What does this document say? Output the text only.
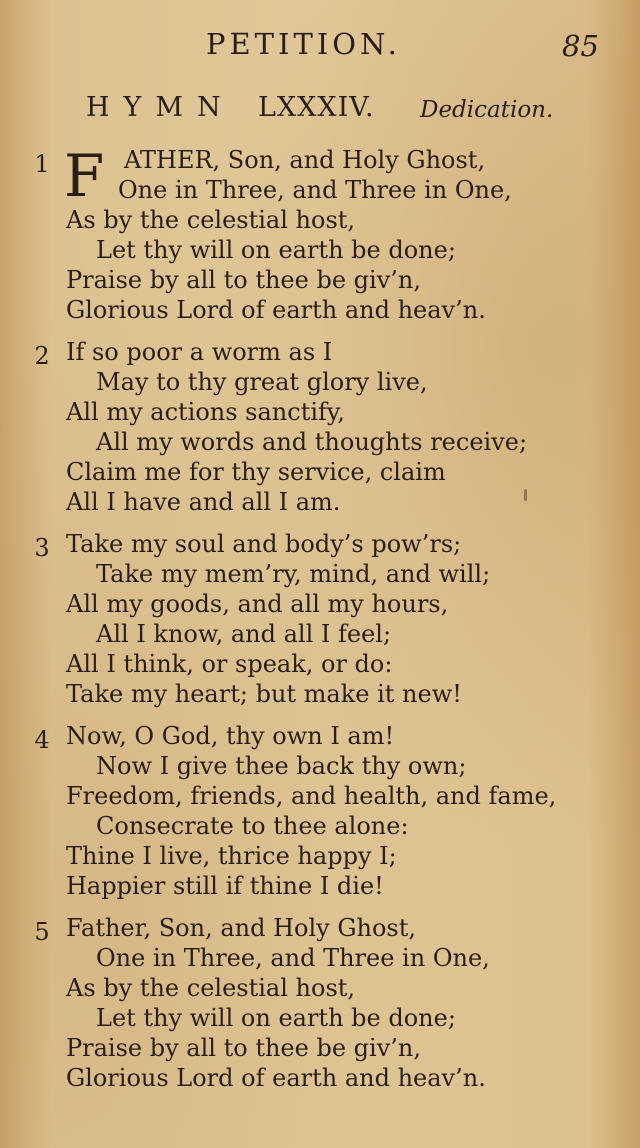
PETITION.	85
HYMN LXXXIV. Dedication.
1 F ATHER, Son, and Holy Ghost,
One in Three, and Three in One,
As by the celestial host,
Let thy will on earth be done;
Praise by all to thee be giv’n,
Glorious Lord of earth and heav’n.
2 If so poor a worm as I
May to thy great glory live,
All my actions sanctify,
All my words and thoughts receive;
Claim me for thy service, claim
All I have and all I am.
3 Take my soul and body’s pow’rs;
Take my mem’ry, mind, and will;
All my goods, and all my hours,
All I know, and all I feel;
All I think, or speak, or do:
Take my heart; but make it new!
4 Now, O God, thy own I am!
Now I give thee back thy own;
Freedom, friends, and health, and fame,
Consecrate to thee alone:
Thine I live, thrice happy I;
Happier still if thine I die!
5 Father, Son, and Holy Ghost,
One in Three, and Three in One,
As by the celestial host,
Let thy will on earth be done;
Praise by all to thee be giv’n,
Glorious Lord of earth and heav’n.
